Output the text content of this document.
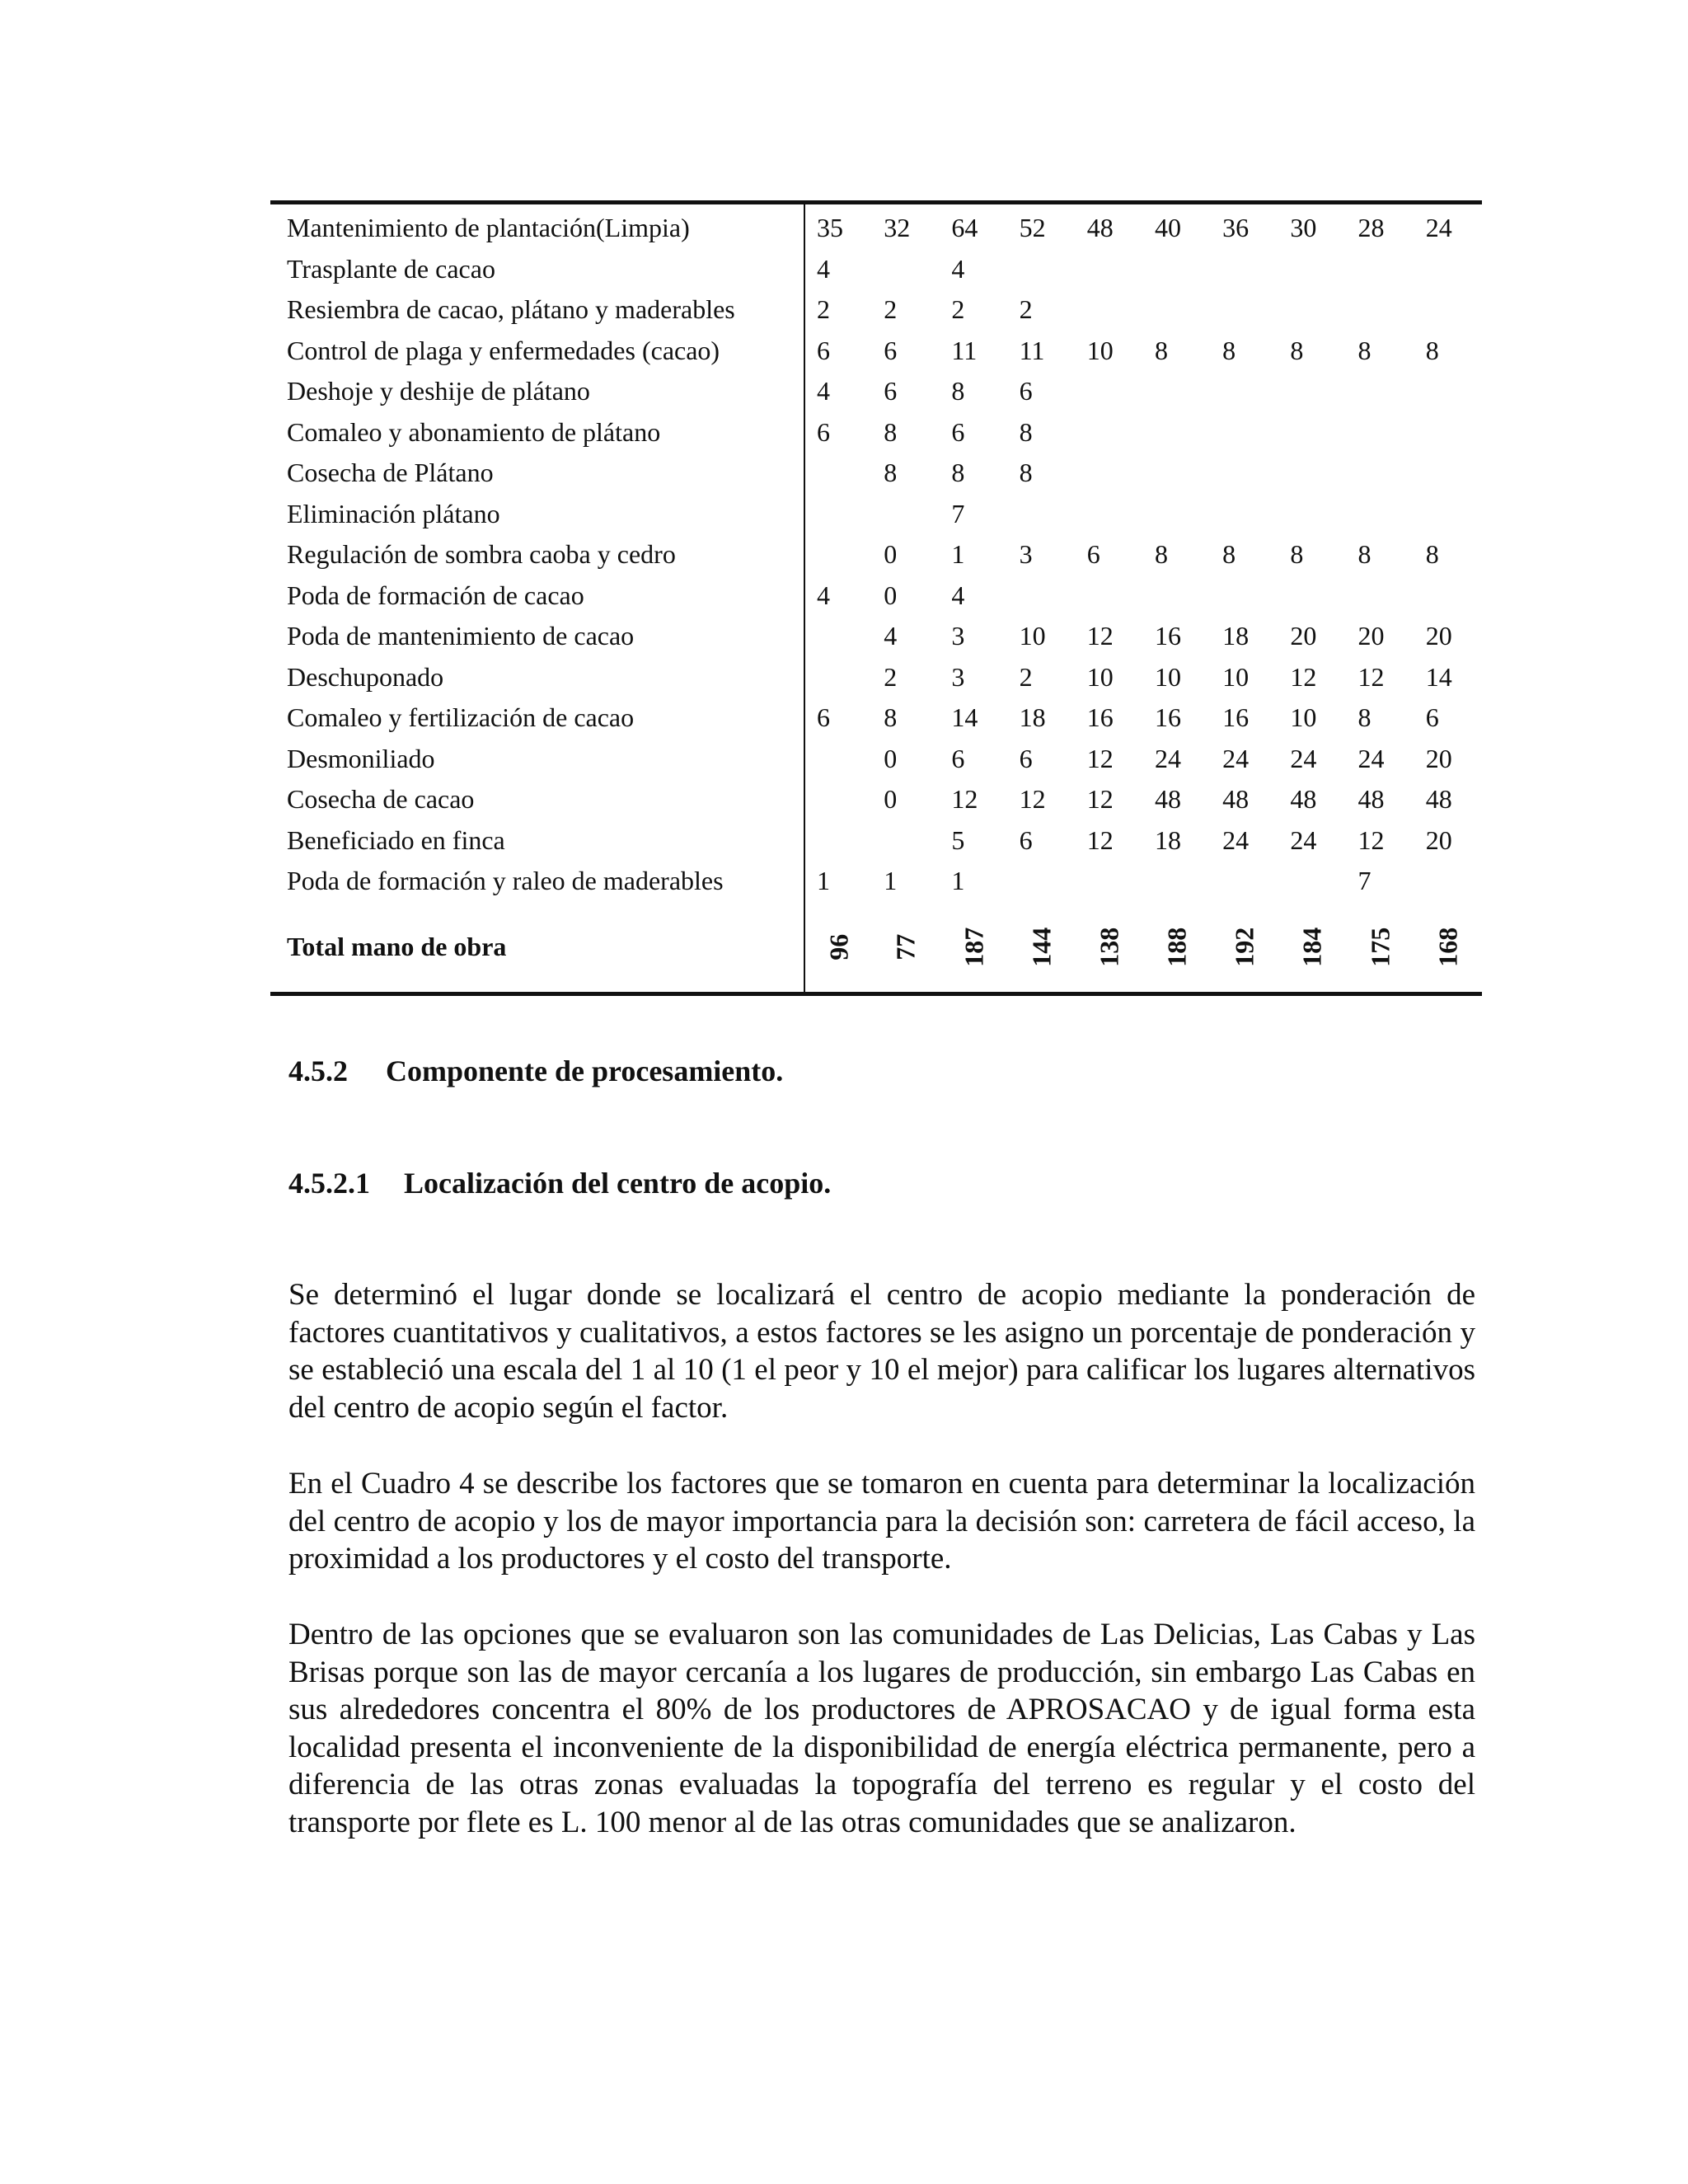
Mantenimiento de plantación(Limpia)	35	32	64	52	48	40	36	30	28	24
Trasplante de cacao	4		4							
Resiembra de cacao, plátano y maderables	2	2	2	2						
Control de plaga y enfermedades (cacao)	6	6	11	11	10	8	8	8	8	8
Deshoje y deshije de plátano	4	6	8	6						
Comaleo y abonamiento de plátano	6	8	6	8						
Cosecha de Plátano		8	8	8						
Eliminación plátano			7							
Regulación de sombra caoba y cedro		0	1	3	6	8	8	8	8	8
Poda de formación de cacao	4	0	4							
Poda de mantenimiento de cacao		4	3	10	12	16	18	20	20	20
Deschuponado		2	3	2	10	10	10	12	12	14
Comaleo y fertilización de cacao	6	8	14	18	16	16	16	10	8	6
Desmoniliado		0	6	6	12	24	24	24	24	20
Cosecha de cacao		0	12	12	12	48	48	48	48	48
Beneficiado en finca			5	6	12	18	24	24	12	20
Poda de formación y raleo de maderables	1	1	1						7	
Total mano de obra	96	77	187	144	138	188	192	184	175	168
4.5.2 Componente de procesamiento.
4.5.2.1 Localización del centro de acopio.

Se determinó el lugar donde se localizará el centro de acopio mediante la ponderación de factores cuantitativos y cualitativos, a estos factores se les asigno un porcentaje de ponderación y se estableció una escala del 1 al 10 (1 el peor y 10 el mejor) para calificar los lugares alternativos del centro de acopio según el factor.

En el Cuadro 4 se describe los factores que se tomaron en cuenta para determinar la localización del centro de acopio y los de mayor importancia para la decisión son: carretera de fácil acceso, la proximidad a los productores y el costo del transporte.

Dentro de las opciones que se evaluaron son las comunidades de Las Delicias, Las Cabas y Las Brisas porque son las de mayor cercanía a los lugares de producción, sin embargo Las Cabas en sus alrededores concentra el 80% de los productores de APROSACAO y de igual forma esta localidad presenta el inconveniente de la disponibilidad de energía eléctrica permanente, pero a diferencia de las otras zonas evaluadas la topografía del terreno es regular y el costo del transporte por flete es L. 100 menor al de las otras comunidades que se analizaron.
